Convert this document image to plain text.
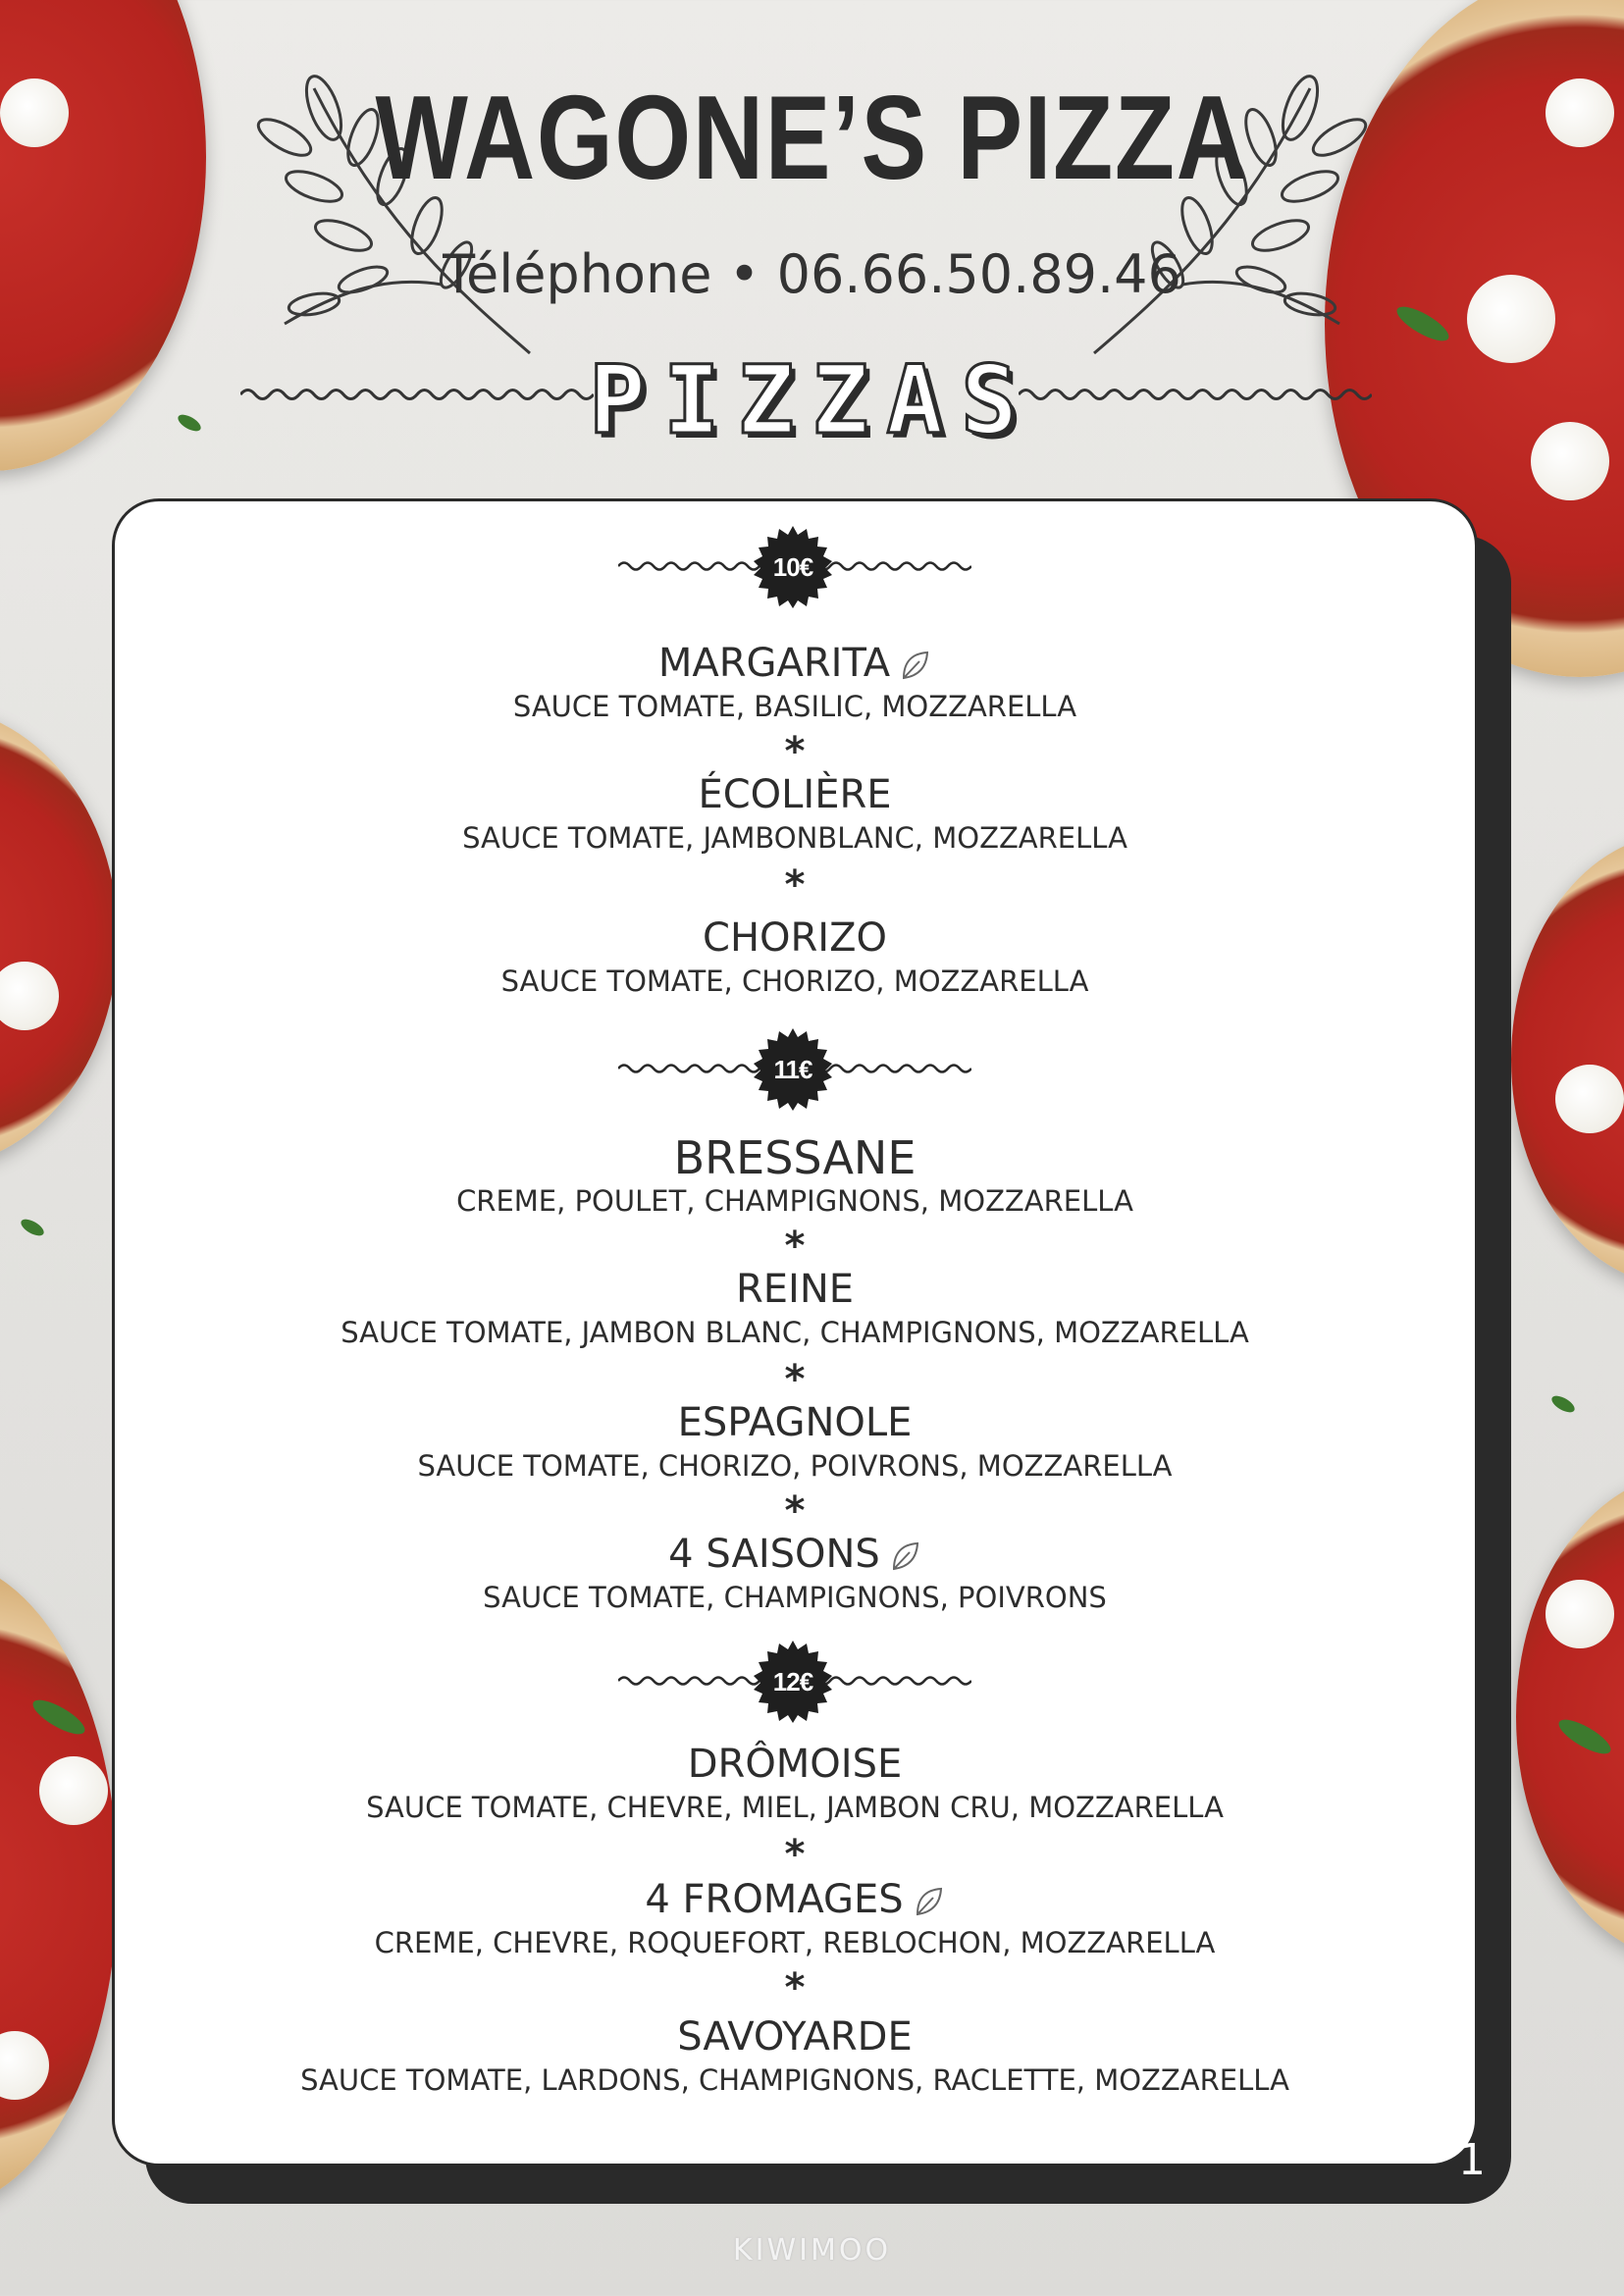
WAGONE’S PIZZA
Téléphone • 06.66.50.89.46
PIZZAS
1
10€
MARGARITA
SAUCE TOMATE, BASILIC, MOZZARELLA
*
ÉCOLIÈRE
SAUCE TOMATE, JAMBONBLANC, MOZZARELLA
*
CHORIZO
SAUCE TOMATE, CHORIZO, MOZZARELLA
11€
BRESSANE
CREME, POULET, CHAMPIGNONS, MOZZARELLA
*
REINE
SAUCE TOMATE, JAMBON BLANC, CHAMPIGNONS, MOZZARELLA
*
ESPAGNOLE
SAUCE TOMATE, CHORIZO, POIVRONS, MOZZARELLA
*
4 SAISONS
SAUCE TOMATE, CHAMPIGNONS, POIVRONS
12€
DRÔMOISE
SAUCE TOMATE, CHEVRE, MIEL, JAMBON CRU, MOZZARELLA
*
4 FROMAGES
CREME, CHEVRE, ROQUEFORT, REBLOCHON, MOZZARELLA
*
SAVOYARDE
SAUCE TOMATE, LARDONS, CHAMPIGNONS, RACLETTE, MOZZARELLA
KIWIMOO
